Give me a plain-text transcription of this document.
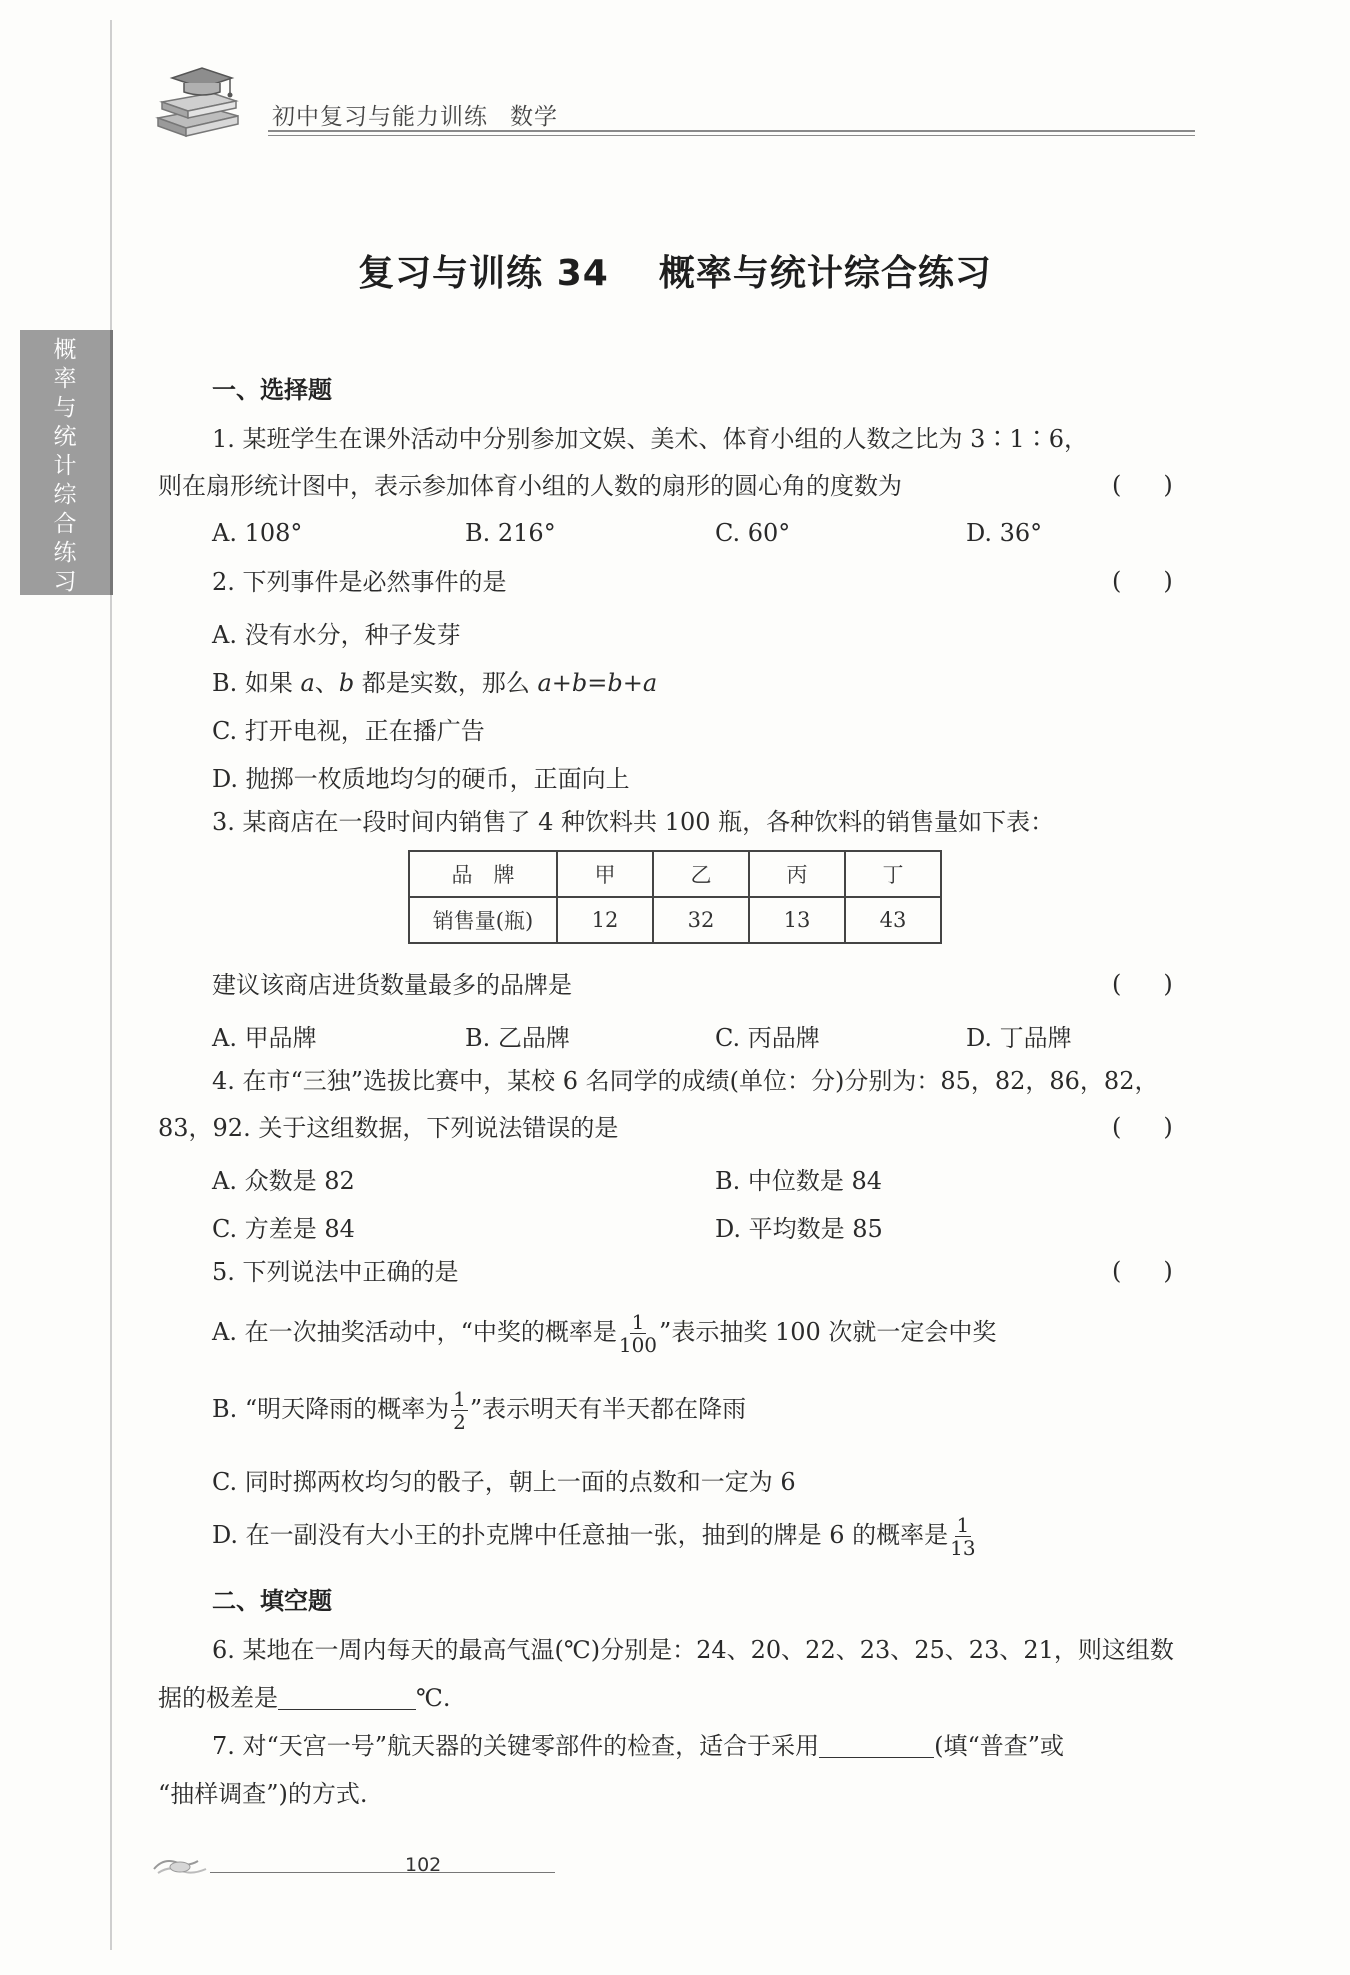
初中复习与能力训练 数学
概
率
与
统
计
综
合
练
习
复习与训练 34 概率与统计综合练习
一、选择题
1. 某班学生在课外活动中分别参加文娱、美术、体育小组的人数之比为 3∶1∶6，
则在扇形统计图中，表示参加体育小组的人数的扇形的圆心角的度数为	( )
A. 108°	B. 216°	C. 60°	D. 36°
2. 下列事件是必然事件的是	( )
A. 没有水分，种子发芽
B. 如果 a、b 都是实数，那么 a+b=b+a
C. 打开电视，正在播广告
D. 抛掷一枚质地均匀的硬币，正面向上
3. 某商店在一段时间内销售了 4 种饮料共 100 瓶，各种饮料的销售量如下表：
品　牌	甲	乙	丙	丁
销售量(瓶)	12	32	13	43
建议该商店进货数量最多的品牌是	( )
A. 甲品牌	B. 乙品牌	C. 丙品牌	D. 丁品牌
4. 在市“三独”选拔比赛中，某校 6 名同学的成绩(单位：分)分别为：85，82，86，82，
83，92. 关于这组数据，下列说法错误的是	( )
A. 众数是 82	B. 中位数是 84
C. 方差是 84	D. 平均数是 85
5. 下列说法中正确的是	( )
A. 在一次抽奖活动中，“中奖的概率是 $\frac{1}{100}$ ”表示抽奖 100 次就一定会中奖
B. “明天降雨的概率为 $\frac{1}{2}$ ”表示明天有半天都在降雨
C. 同时掷两枚均匀的骰子，朝上一面的点数和一定为 6
D. 在一副没有大小王的扑克牌中任意抽一张，抽到的牌是 6 的概率是 $\frac{1}{13}$
二、填空题
6. 某地在一周内每天的最高气温(℃)分别是：24、20、22、23、25、23、21，则这组数
据的极差是	℃.
7. 对“天宫一号”航天器的关键零部件的检查，适合于采用	(填“普查”或
“抽样调查”)的方式.
102
